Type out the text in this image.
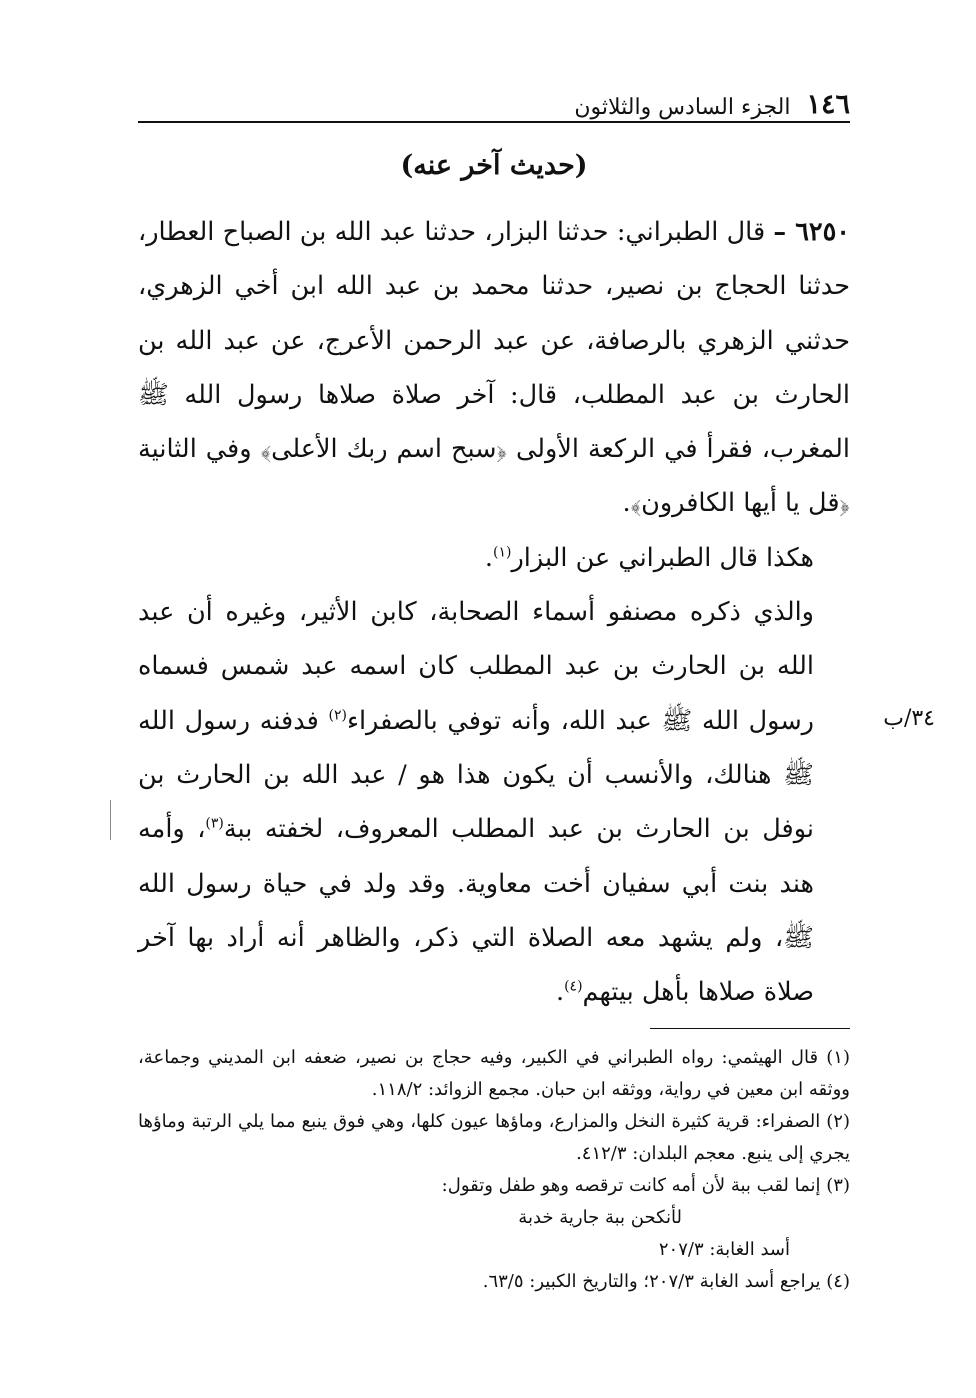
١٤٦
الجزء السادس والثلاثون
(حديث آخر عنه)

٦٢٥٠ – قال الطبراني: حدثنا البزار، حدثنا عبد الله بن الصباح العطار، حدثنا الحجاج بن نصير، حدثنا محمد بن عبد الله ابن أخي الزهري، حدثني الزهري بالرصافة، عن عبد الرحمن الأعرج، عن عبد الله بن الحارث بن عبد المطلب، قال: آخر صلاة صلاها رسول الله ﷺ المغرب، فقرأ في الركعة الأولى ﴿سبح اسم ربك الأعلى﴾ وفي الثانية ﴿قل يا أيها الكافرون﴾.

هكذا قال الطبراني عن البزار$^{(١)}$.

والذي ذكره مصنفو أسماء الصحابة، كابن الأثير، وغيره أن عبد الله بن الحارث بن عبد المطلب كان اسمه عبد شمس فسماه رسول الله ﷺ عبد الله، وأنه توفي بالصفراء$^{(٢)}$ فدفنه رسول الله ﷺ هنالك، والأنسب أن يكون هذا هو / عبد الله بن الحارث بن نوفل بن الحارث بن عبد المطلب المعروف، لخفته ببة$^{(٣)}$، وأمه هند بنت أبي سفيان أخت معاوية. وقد ولد في حياة رسول الله ﷺ، ولم يشهد معه الصلاة التي ذكر، والظاهر أنه أراد بها آخر صلاة صلاها بأهل بيتهم$^{(٤)}$.

٣٤/ب

(١) قال الهيثمي: رواه الطبراني في الكبير، وفيه حجاج بن نصير، ضعفه ابن المديني وجماعة، ووثقه ابن معين في رواية، ووثقه ابن حبان. مجمع الزوائد: ١١٨/٢.

(٢) الصفراء: قرية كثيرة النخل والمزارع، وماؤها عيون كلها، وهي فوق ينبع مما يلي الرتبة وماؤها يجري إلى ينبع. معجم البلدان: ٤١٢/٣.

(٣) إنما لقب ببة لأن أمه كانت ترقصه وهو طفل وتقول:

لأنكحن ببة جارية خدبة

أسد الغابة: ٢٠٧/٣

(٤) يراجع أسد الغابة ٢٠٧/٣؛ والتاريخ الكبير: ٦٣/٥.
